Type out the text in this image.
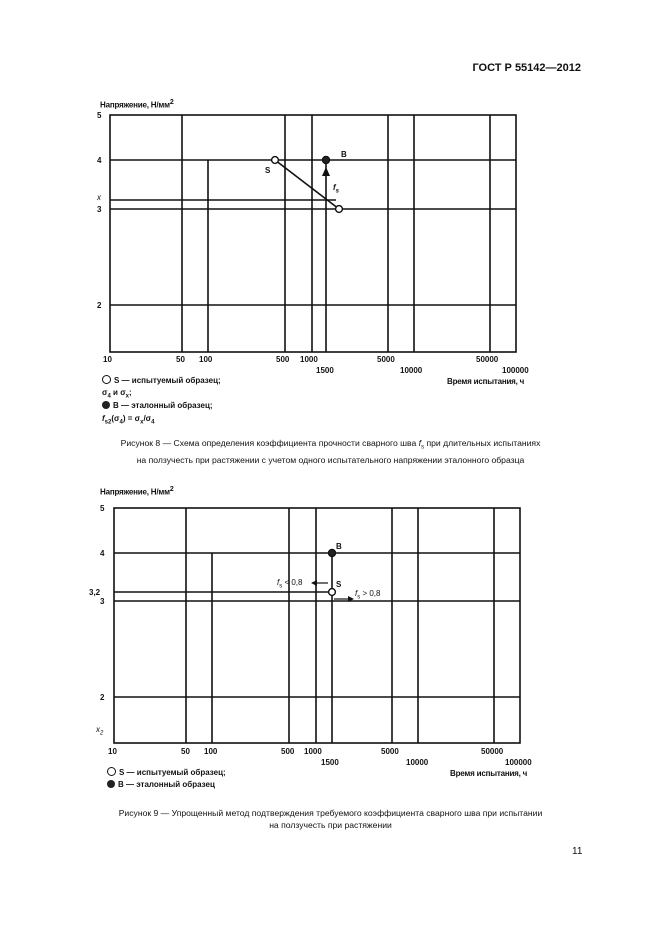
ГОСТ Р 55142—2012
Напряжение, $Н/мм^2$
5
4
x
3
2
10	50 100	500 1000
1500
5000
10000
50000
100000
Время испытания, ч
S
B
$f_s$
S — испытуемый образец;
$\sigma_4$ и $\sigma_x$;
B — эталонный образец;
$f_{s2}(\sigma_4) = \sigma_x/\sigma_4$
Рисунок 8 — Схема определения коэффициента прочности сварного шва $f_s$ при длительных испытаниях
на ползучесть при растяжении с учетом одного испытательного напряжении эталонного образца
Напряжение, $Н/мм^2$
5
4
3,2
3
2
$x_2$
10	50 100	500 1000
1500
5000
10000
50000
100000
Время испытания, ч
B
S
$f_s < 0,8$
$f_s > 0,8$
S — испытуемый образец;
B — эталонный образец
Рисунок 9 — Упрощенный метод подтверждения требуемого коэффициента сварного шва при испытании
на ползучесть при растяжении
11
